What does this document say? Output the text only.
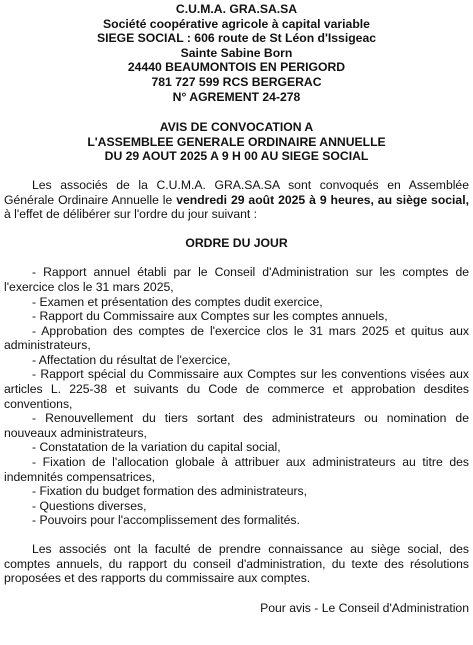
C.U.M.A. GRA.SA.SA
Société coopérative agricole à capital variable
SIEGE SOCIAL : 606 route de St Léon d'Issigeac
Sainte Sabine Born
24440 BEAUMONTOIS EN PERIGORD
781 727 599 RCS BERGERAC
N° AGREMENT 24-278
AVIS DE CONVOCATION A
L'ASSEMBLEE GENERALE ORDINAIRE ANNUELLE
DU 29 AOUT 2025 A 9 H 00 AU SIEGE SOCIAL

Les associés de la C.U.M.A. GRA.SA.SA sont convoqués en Assemblée Générale Ordinaire Annuelle le vendredi 29 août 2025 à 9 heures, au siège social, à l'effet de délibérer sur l'ordre du jour suivant :

ORDRE DU JOUR
- Rapport annuel établi par le Conseil d'Administration sur les comptes de l'exercice clos le 31 mars 2025,
- Examen et présentation des comptes dudit exercice,
- Rapport du Commissaire aux Comptes sur les comptes annuels,
- Approbation des comptes de l'exercice clos le 31 mars 2025 et quitus aux administrateurs,
- Affectation du résultat de l'exercice,
- Rapport spécial du Commissaire aux Comptes sur les conventions visées aux articles L. 225-38 et suivants du Code de commerce et approbation desdites conventions,
- Renouvellement du tiers sortant des administrateurs ou nomination de nouveaux administrateurs,
- Constatation de la variation du capital social,
- Fixation de l'allocation globale à attribuer aux administrateurs au titre des indemnités compensatrices,
- Fixation du budget formation des administrateurs,
- Questions diverses,
- Pouvoirs pour l'accomplissement des formalités.

Les associés ont la faculté de prendre connaissance au siège social, des comptes annuels, du rapport du conseil d'administration, du texte des résolutions proposées et des rapports du commissaire aux comptes.

Pour avis - Le Conseil d'Administration
